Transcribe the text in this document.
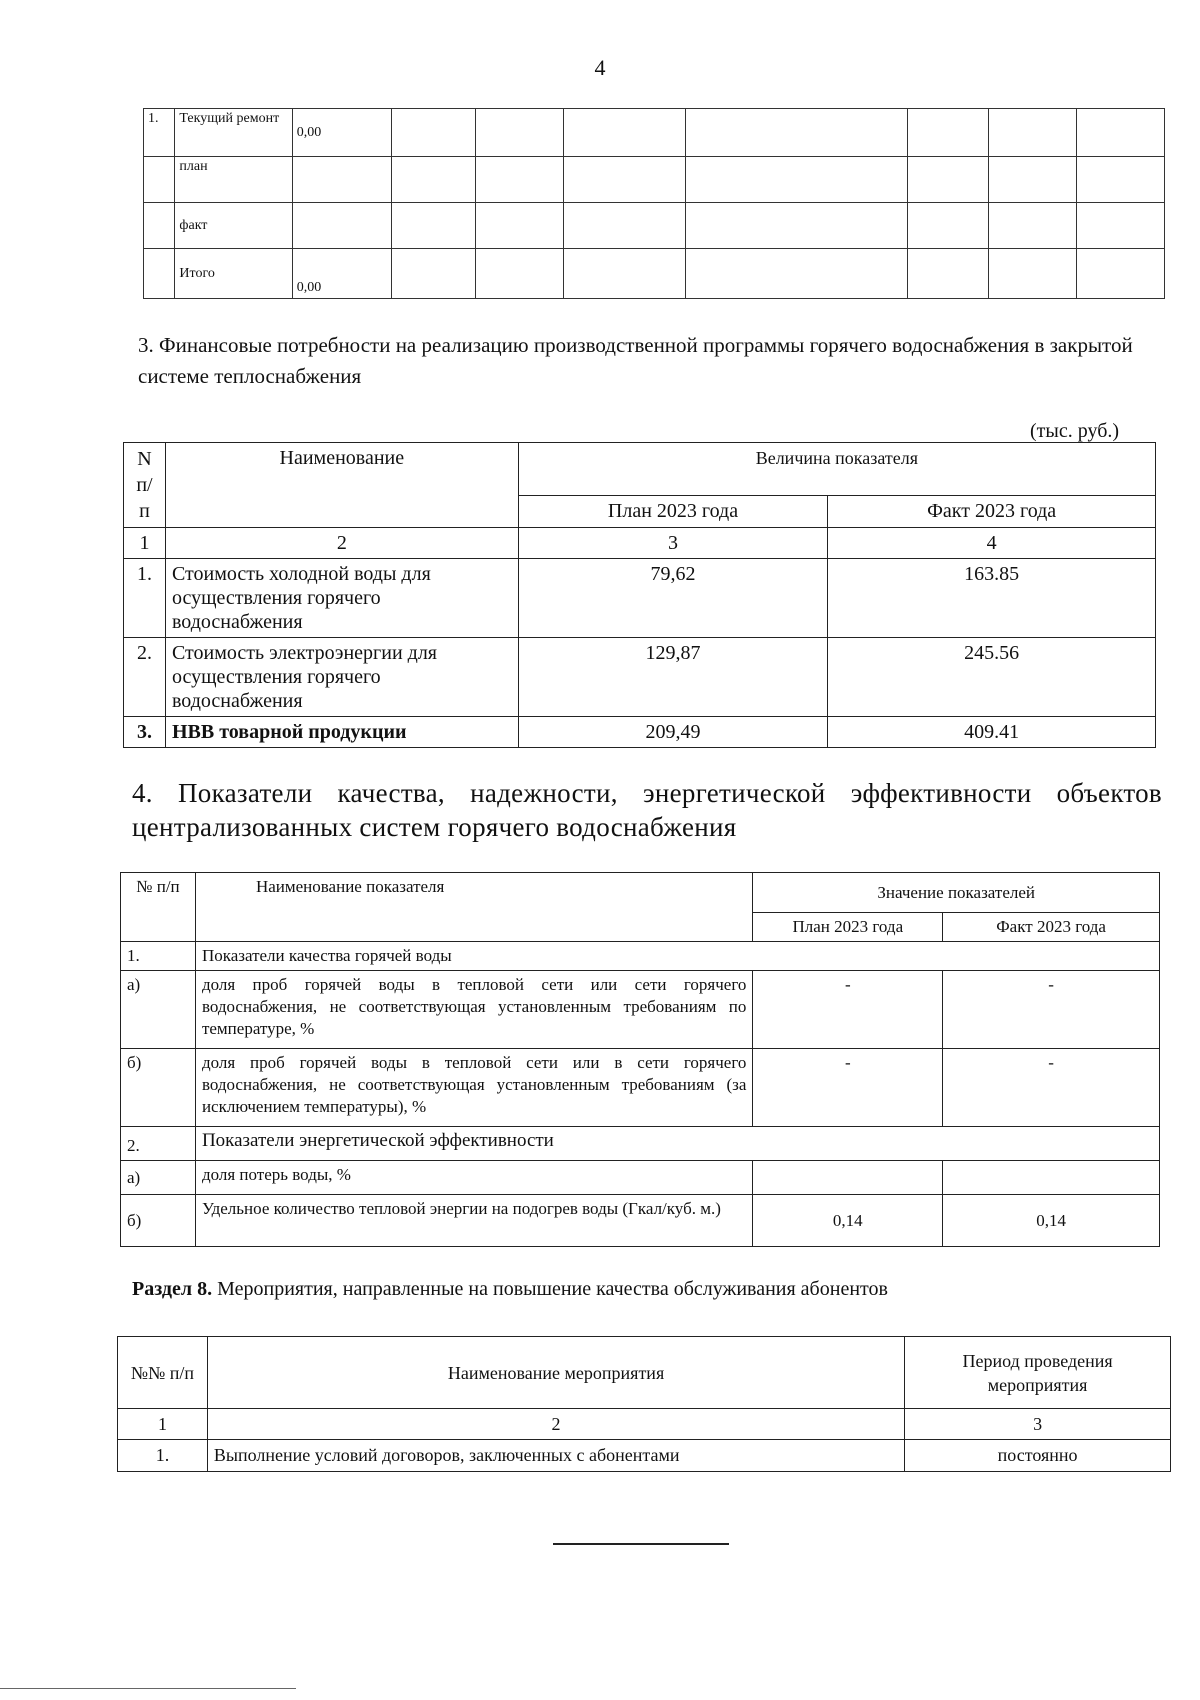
4
1.	Текущий ремонт	0,00							
	план								
	факт								
	Итого	0,00							
3. Финансовые потребности на реализацию производственной программы горячего водоснабжения в закрытой системе теплоснабжения
(тыс. руб.)
N п/ п	Наименование	Величина показателя	
		План 2023 года	Факт 2023 года
1	2	3	4
1.	Стоимость холодной воды для осуществления горячего водоснабжения	79,62	163.85
2.	Стоимость электроэнергии для осуществления горячего водоснабжения	129,87	245.56
3.	НВВ товарной продукции	209,49	409.41
4. Показатели качества, надежности, энергетической эффективности объектов централизованных систем горячего водоснабжения
№ п/п	Наименование показателя	Значение показателей	
		План 2023 года	Факт 2023 года
1.	Показатели качества горячей воды		
а)	доля проб горячей воды в тепловой сети или сети горячего водоснабжения, не соответствующая установленным требованиям по температуре, %	-	-
б)	доля проб горячей воды в тепловой сети или в сети горячего водоснабжения, не соответствующая установленным требованиям (за исключением температуры), %	-	-
2.	Показатели энергетической эффективности		
а)	доля потерь воды, %		
б)	Удельное количество тепловой энергии на подогрев воды (Гкал/куб. м.)	0,14	0,14
Раздел 8. Мероприятия, направленные на повышение качества обслуживания абонентов
№№ п/п	Наименование мероприятия	Период проведения мероприятия
1	2	3
1.	Выполнение условий договоров, заключенных с абонентами	постоянно
